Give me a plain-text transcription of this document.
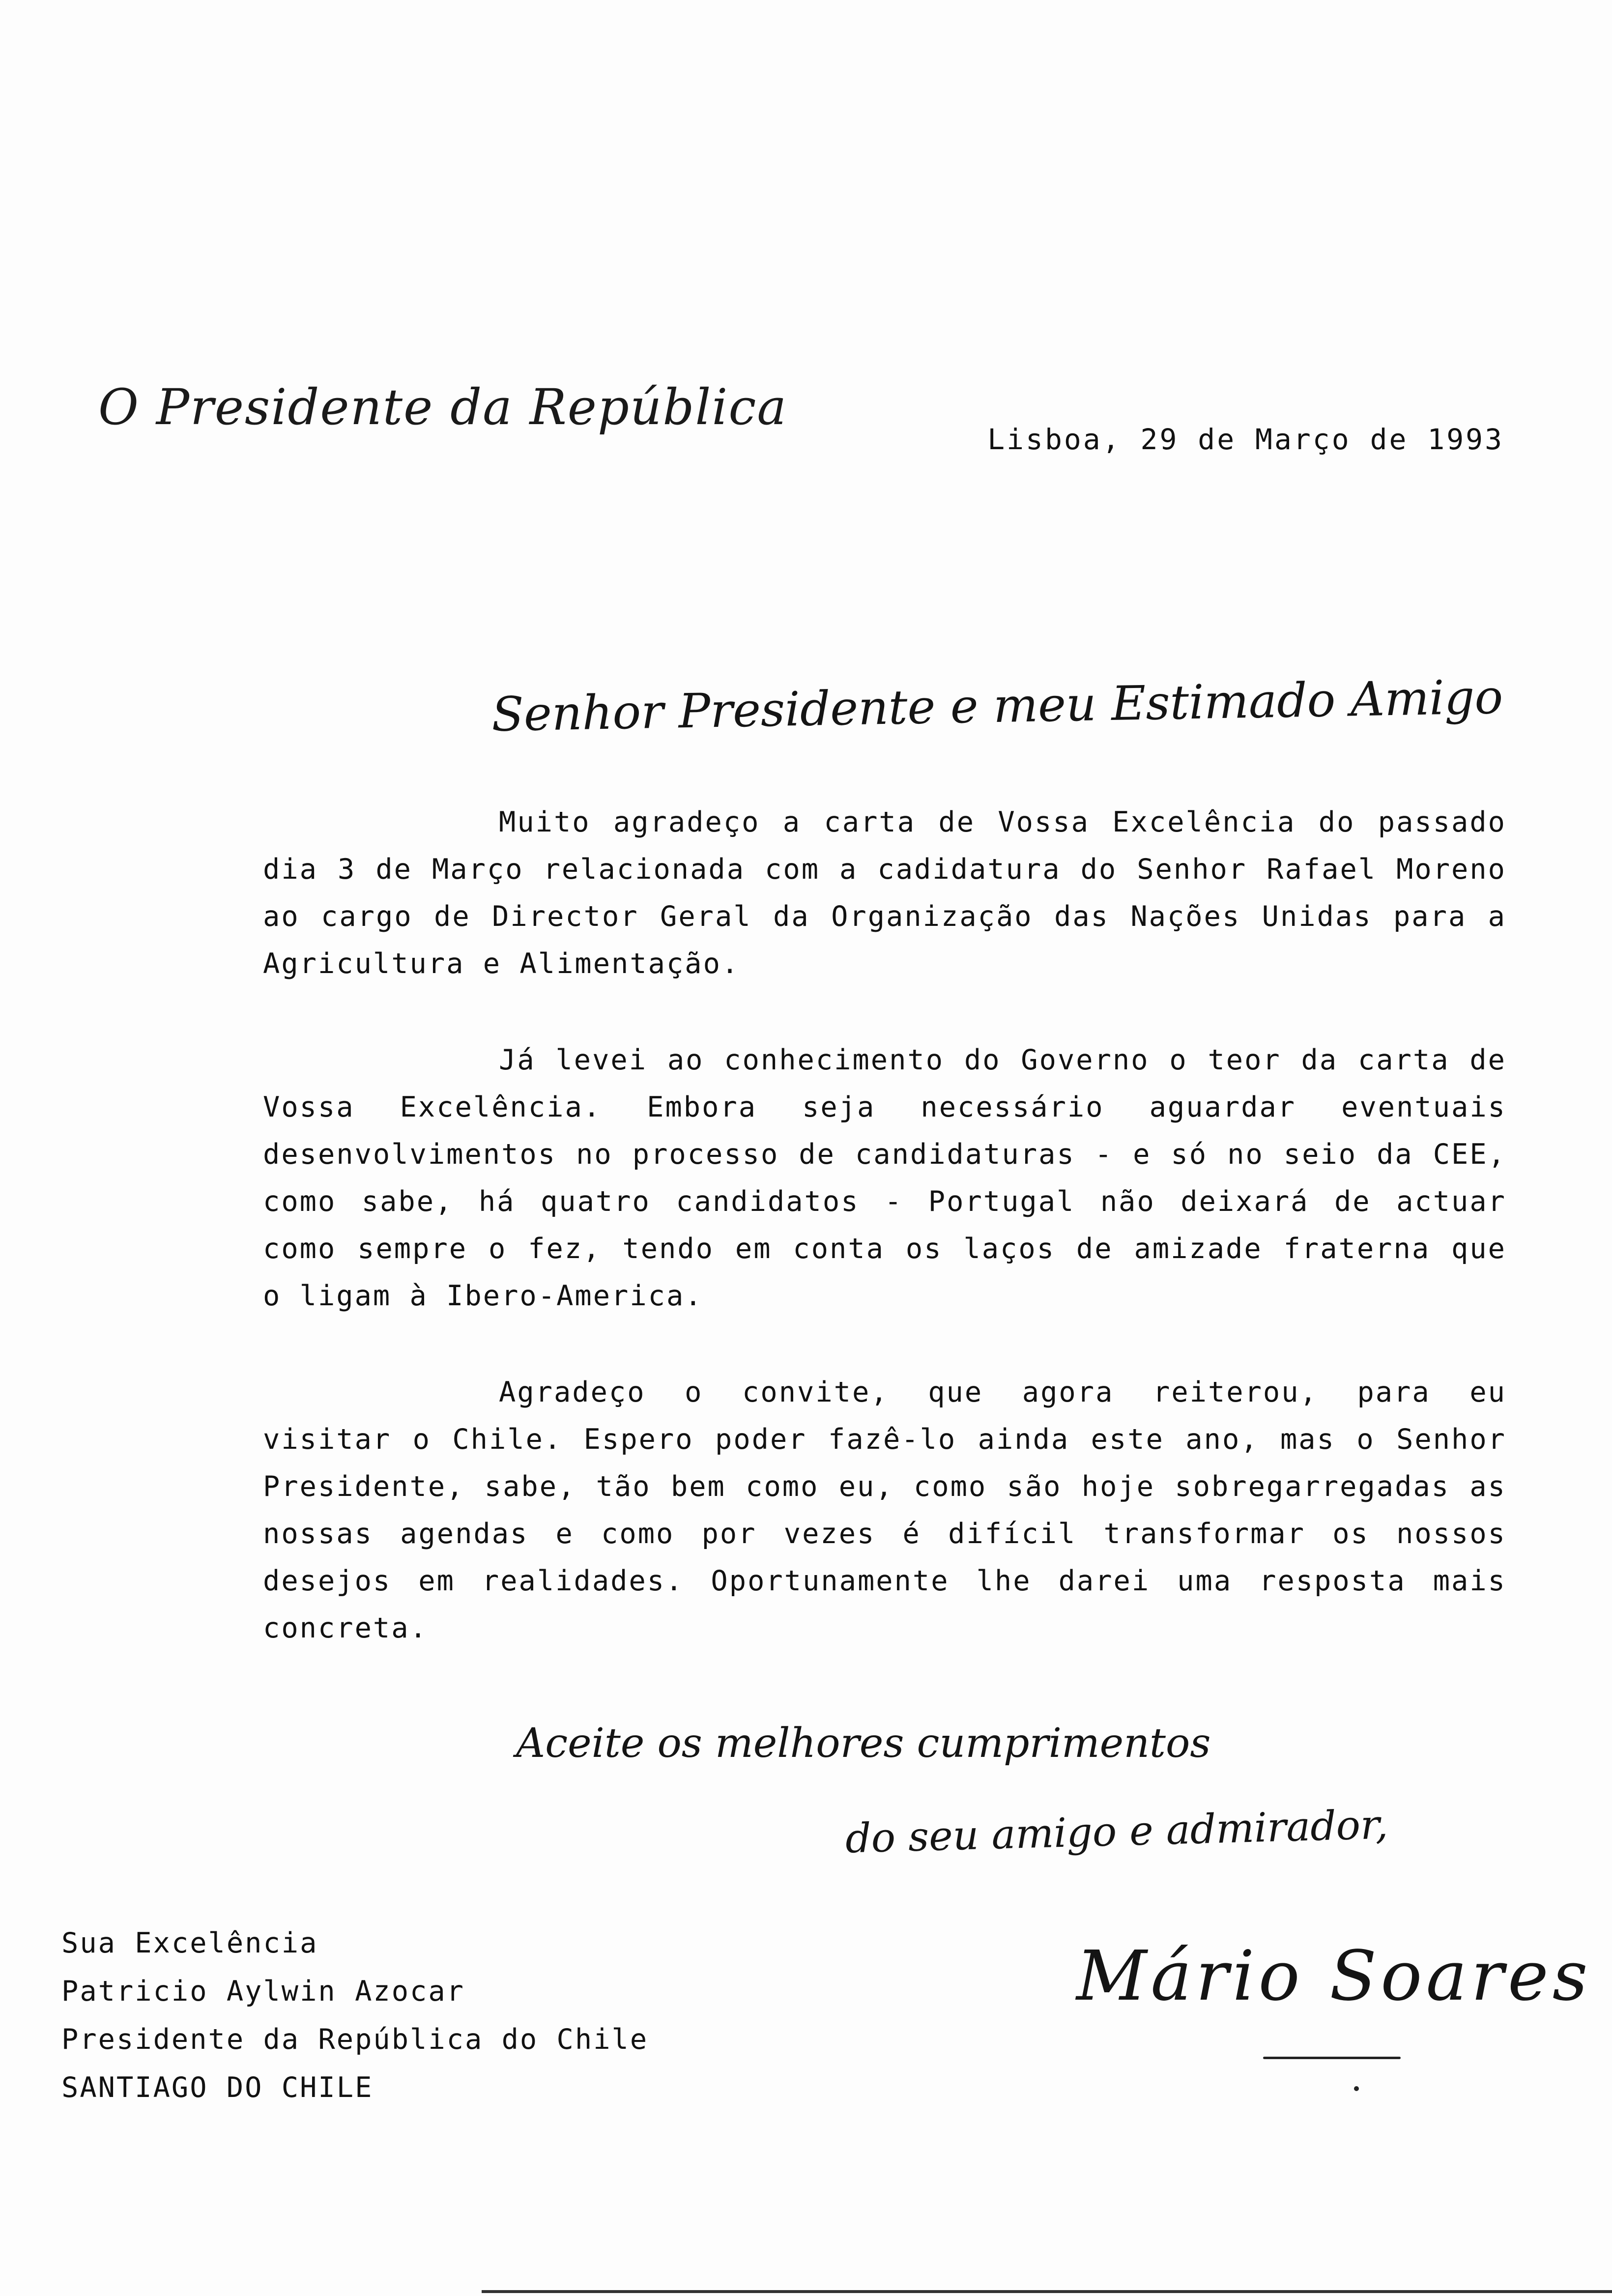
O Presidente da República
Lisboa, 29 de Março de 1993
Senhor Presidente e meu Estimado Amigo

Muito agradeço a carta de Vossa Excelência do passado dia 3 de Março relacionada com a cadidatura do Senhor Rafael Moreno ao cargo de Director Geral da Organização das Nações Unidas para a Agricultura e Alimentação.

Já levei ao conhecimento do Governo o teor da carta de Vossa Excelência. Embora seja necessário aguardar eventuais desenvolvimentos no processo de candidaturas - e só no seio da CEE, como sabe, há quatro candidatos - Portugal não deixará de actuar como sempre o fez, tendo em conta os laços de amizade fraterna que o ligam à Ibero-America.

Agradeço o convite, que agora reiterou, para eu visitar o Chile. Espero poder fazê-lo ainda este ano, mas o Senhor Presidente, sabe, tão bem como eu, como são hoje sobregarregadas as nossas agendas e como por vezes é difícil transformar os nossos desejos em realidades. Oportunamente lhe darei uma resposta mais concreta.

Aceite os melhores cumprimentos
do seu amigo e admirador,
Mário Soares
Sua Excelência
Patricio Aylwin Azocar
Presidente da República do Chile
SANTIAGO DO CHILE
